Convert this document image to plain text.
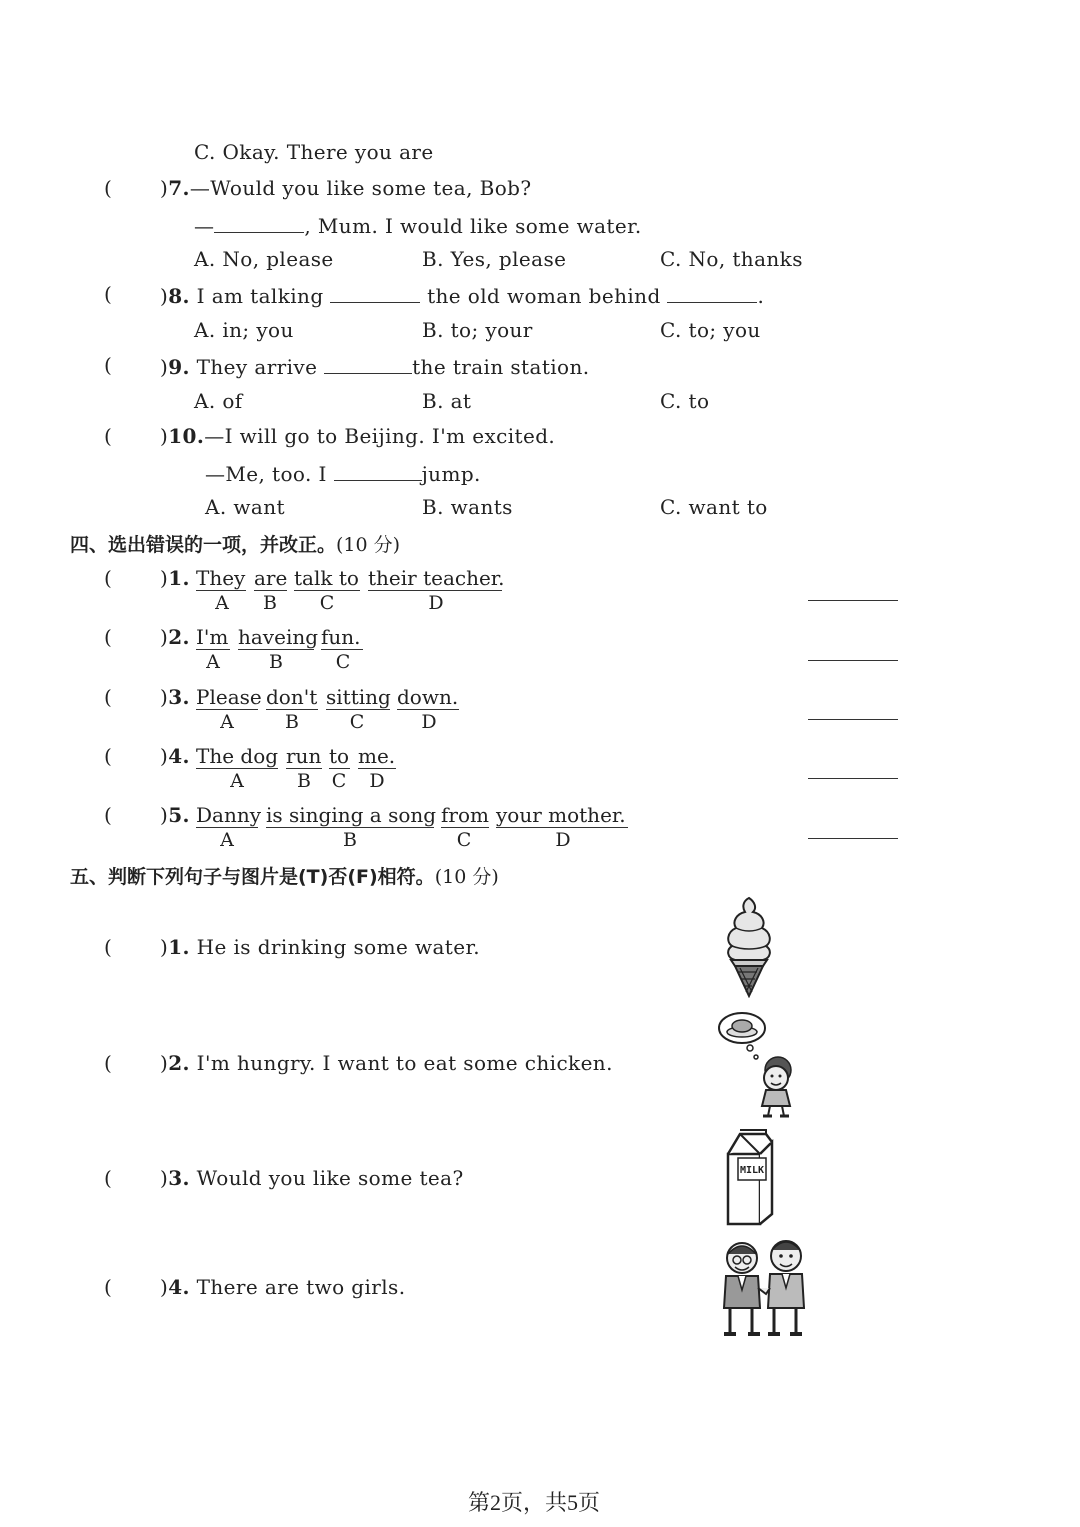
C. Okay. There you are
( )7.—Would you like some tea, Bob?
—	, Mum. I would like some water.
A. No, please	B. Yes, please	C. No, thanks
( )8. I am talking	the old woman behind	.
A. in; you	B. to; your	C. to; you
( )9. They arrive	the train station.
A. of	B. at	C. to
( )10.—I will go to Beijing. I'm excited.
—Me, too. I	jump.
A. want	B. wants	C. want to
四、选出错误的一项，并改正。(10 分)
( )1. They are talk to their teacher.
A B C	D
( )2. I'm haveing fun.
A	B	C
( )3. Please don't sitting down.
A	B	C	D
( )4. The dog run to me.
A	B C D
( )5. Danny is singing a song from your mother.
A	B	C	D
五、判断下列句子与图片是(T)否(F)相符。(10 分)
( )1. He is drinking some water.
( )2. I'm hungry. I want to eat some chicken.
( )3. Would you like some tea?	MILK
( )4. There are two girls.
第2页，共5页
